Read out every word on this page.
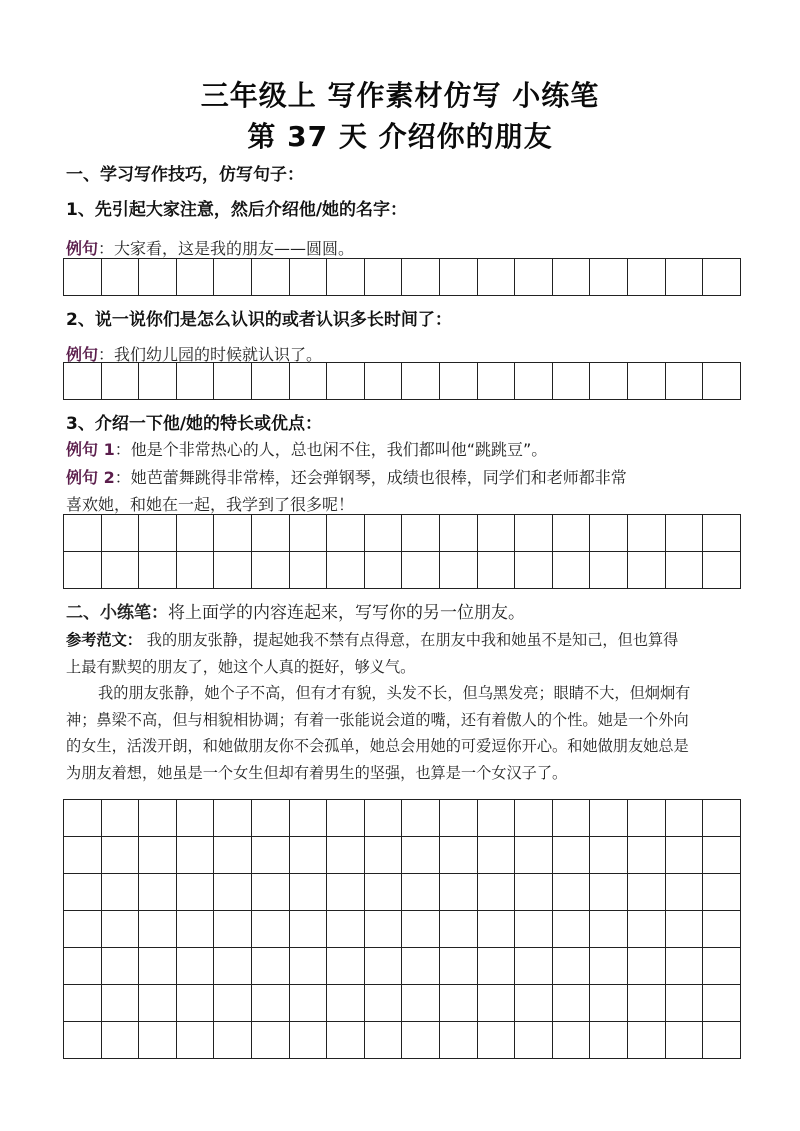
三年级上 写作素材仿写 小练笔
第 37 天 介绍你的朋友
一、学习写作技巧，仿写句子：
1、先引起大家注意，然后介绍他/她的名字：
例句：大家看，这是我的朋友——圆圆。

2、说一说你们是怎么认识的或者认识多长时间了：
例句：我们幼儿园的时候就认识了。

3、介绍一下他/她的特长或优点：
例句 1：他是个非常热心的人，总也闲不住，我们都叫他“跳跳豆”。
例句 2：她芭蕾舞跳得非常棒，还会弹钢琴，成绩也很棒，同学们和老师都非常
喜欢她，和她在一起，我学到了很多呢！

二、小练笔：将上面学的内容连起来，写写你的另一位朋友。
参考范文： 我的朋友张静，提起她我不禁有点得意，在朋友中我和她虽不是知己，但也算得
上最有默契的朋友了，她这个人真的挺好，够义气。
我的朋友张静，她个子不高，但有才有貌，头发不长，但乌黑发亮；眼睛不大，但炯炯有
神；鼻梁不高，但与相貌相协调；有着一张能说会道的嘴，还有着傲人的个性。她是一个外向
的女生，活泼开朗，和她做朋友你不会孤单，她总会用她的可爱逗你开心。和她做朋友她总是
为朋友着想，她虽是一个女生但却有着男生的坚强，也算是一个女汉子了。
